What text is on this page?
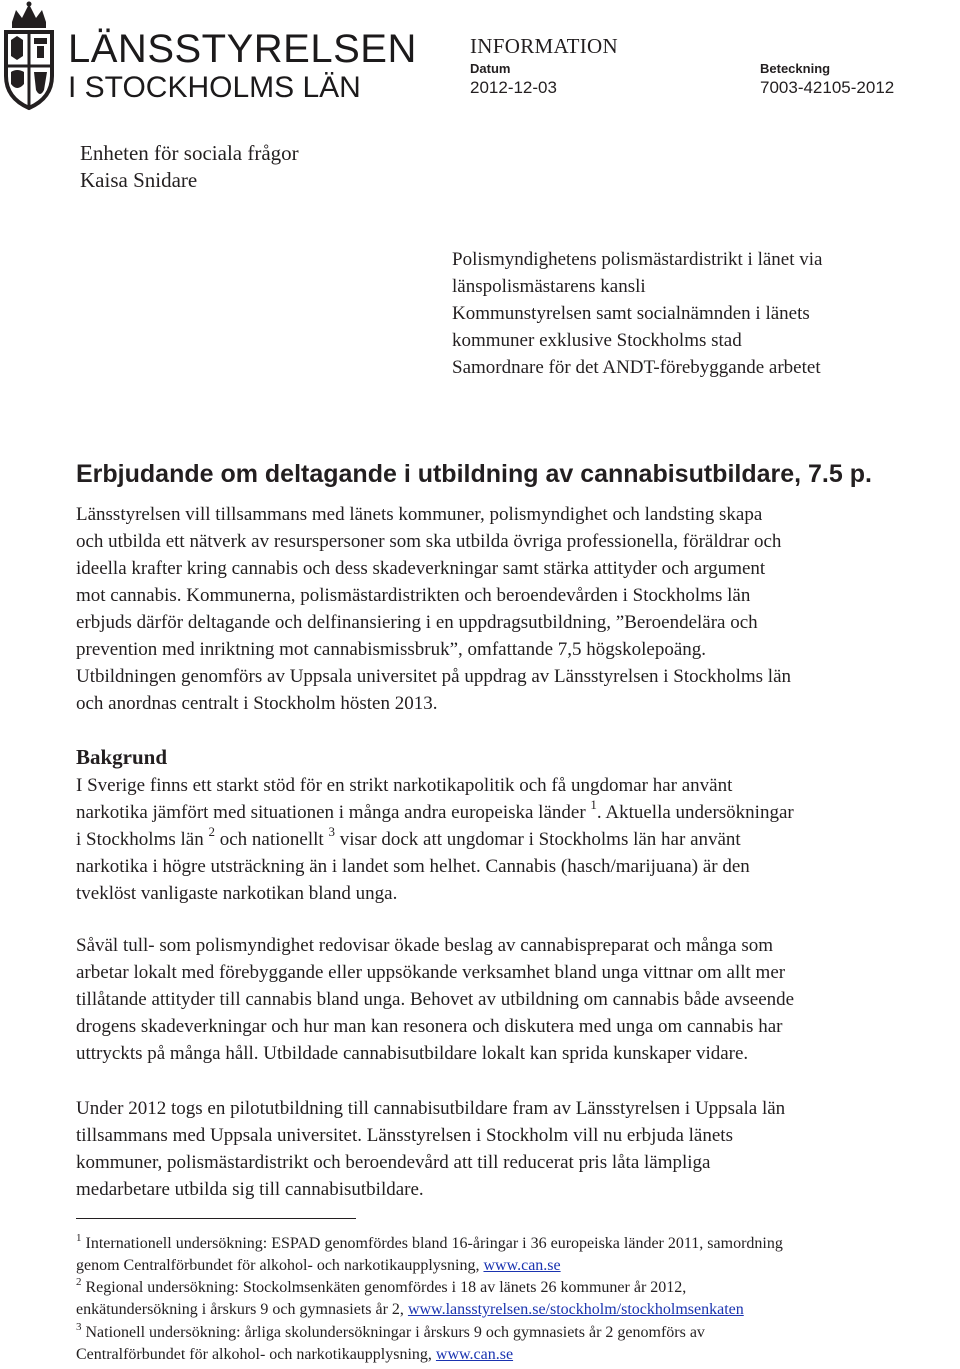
LÄNSSTYRELSEN
I STOCKHOLMS LÄN
INFORMATION
Datum
2012-12-03
Beteckning
7003-42105-2012
Enheten för sociala frågor
Kaisa Snidare
Polismyndighetens polismästardistrikt i länet via
länspolismästarens kansli
Kommunstyrelsen samt socialnämnden i länets
kommuner exklusive Stockholms stad
Samordnare för det ANDT-förebyggande arbetet
Erbjudande om deltagande i utbildning av cannabisutbildare, 7.5 p.
Länsstyrelsen vill tillsammans med länets kommuner, polismyndighet och landsting skapa
och utbilda ett nätverk av resurspersoner som ska utbilda övriga professionella, föräldrar och
ideella krafter kring cannabis och dess skadeverkningar samt stärka attityder och argument
mot cannabis. Kommunerna, polismästardistrikten och beroendevården i Stockholms län
erbjuds därför deltagande och delfinansiering i en uppdragsutbildning, ”Beroendelära och
prevention med inriktning mot cannabismissbruk”, omfattande 7,5 högskolepoäng.
Utbildningen genomförs av Uppsala universitet på uppdrag av Länsstyrelsen i Stockholms län
och anordnas centralt i Stockholm hösten 2013.
Bakgrund
I Sverige finns ett starkt stöd för en strikt narkotikapolitik och få ungdomar har använt
narkotika jämfört med situationen i många andra europeiska länder $^1$. Aktuella undersökningar
i Stockholms län $^2$ och nationellt $^3$ visar dock att ungdomar i Stockholms län har använt
narkotika i högre utsträckning än i landet som helhet. Cannabis (hasch/marijuana) är den
tveklöst vanligaste narkotikan bland unga.
Såväl tull- som polismyndighet redovisar ökade beslag av cannabispreparat och många som
arbetar lokalt med förebyggande eller uppsökande verksamhet bland unga vittnar om allt mer
tillåtande attityder till cannabis bland unga. Behovet av utbildning om cannabis både avseende
drogens skadeverkningar och hur man kan resonera och diskutera med unga om cannabis har
uttryckts på många håll. Utbildade cannabisutbildare lokalt kan sprida kunskaper vidare.
Under 2012 togs en pilotutbildning till cannabisutbildare fram av Länsstyrelsen i Uppsala län
tillsammans med Uppsala universitet. Länsstyrelsen i Stockholm vill nu erbjuda länets
kommuner, polismästardistrikt och beroendevård att till reducerat pris låta lämpliga
medarbetare utbilda sig till cannabisutbildare.
$^1$ Internationell undersökning: ESPAD genomfördes bland 16-åringar i 36 europeiska länder 2011, samordning
genom Centralförbundet för alkohol- och narkotikaupplysning, www.can.se
$^2$ Regional undersökning: Stockolmsenkäten genomfördes i 18 av länets 26 kommuner år 2012,
enkätundersökning i årskurs 9 och gymnasiets år 2, www.lansstyrelsen.se/stockholm/stockholmsenkaten
$^3$ Nationell undersökning: årliga skolundersökningar i årskurs 9 och gymnasiets år 2 genomförs av
Centralförbundet för alkohol- och narkotikaupplysning, www.can.se
